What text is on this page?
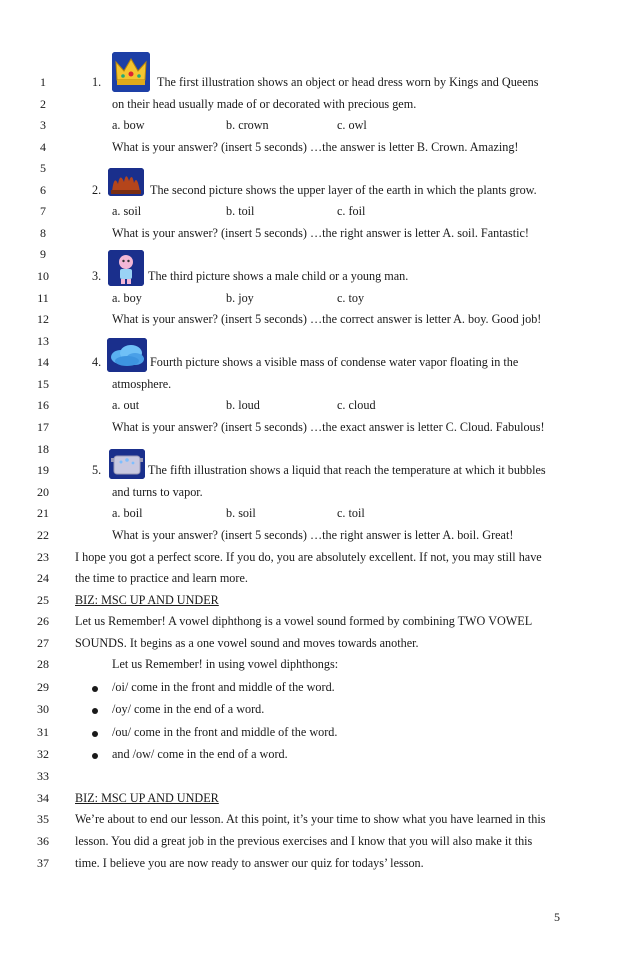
1
2
3
4
5
6
7
8
9
10
11
12
13
14
15
16
17
18
19
20
21
22
23
24
25
26
27
28
29
30
31
32
33
34
35
36
37
1.	The first illustration shows an object or head dress worn by Kings and Queens
on their head usually made of or decorated with precious gem.
a. bow	b. crown	c. owl
What is your answer? (insert 5 seconds) …the answer is letter B. Crown. Amazing!
2.	The second picture shows the upper layer of the earth in which the plants grow.
a. soil	b. toil	c. foil
What is your answer? (insert 5 seconds) …the right answer is letter A. soil. Fantastic!
3.	The third picture shows a male child or a young man.
a. boy	b. joy	c. toy
What is your answer? (insert 5 seconds) …the correct answer is letter A. boy. Good job!
4.	Fourth picture shows a visible mass of condense water vapor floating in the
atmosphere.
a. out	b. loud	c. cloud
What is your answer? (insert 5 seconds) …the exact answer is letter C. Cloud. Fabulous!
5.	The fifth illustration shows a liquid that reach the temperature at which it bubbles
and turns to vapor.
a. boil	b. soil	c. toil
What is your answer? (insert 5 seconds) …the right answer is letter A. boil. Great!
I hope you got a perfect score. If you do, you are absolutely excellent. If not, you may still have
the time to practice and learn more.
BIZ: MSC UP AND UNDER
Let us Remember! A vowel diphthong is a vowel sound formed by combining TWO VOWEL
SOUNDS. It begins as a one vowel sound and moves towards another.
Let us Remember! in using vowel diphthongs:
/oi/ come in the front and middle of the word.
/oy/ come in the end of a word.
/ou/ come in the front and middle of the word.
and /ow/ come in the end of a word.
BIZ: MSC UP AND UNDER
We’re about to end our lesson. At this point, it’s your time to show what you have learned in this
lesson. You did a great job in the previous exercises and I know that you will also make it this
time. I believe you are now ready to answer our quiz for todays’ lesson.
5
